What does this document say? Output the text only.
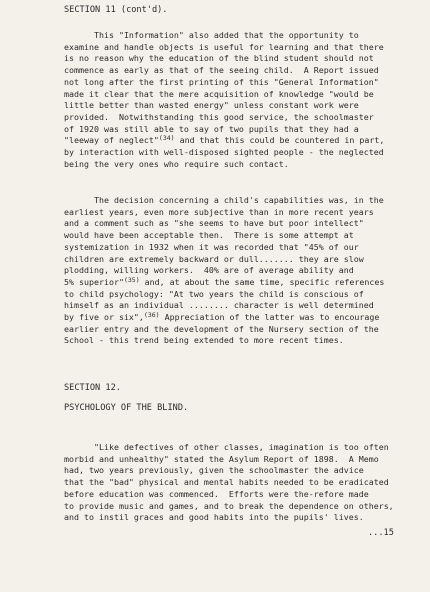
SECTION 11 (cont'd).
This "Information" also added that the opportunity to
examine and handle objects is useful for learning and that there
is no reason why the education of the blind student should not
commence as early as that of the seeing child.  A Report issued
not long after the first printing of this "General Information"
made it clear that the mere acquisition of knowledge "would be
little better than wasted energy" unless constant work were
provided.  Notwithstanding this good service, the schoolmaster
of 1920 was still able to say of two pupils that they had a
"leeway of neglect"$^{(34)}$ and that this could be countered in part,
by interaction with well-disposed sighted people - the neglected
being the very ones who require such contact.
The decision concerning a child's capabilities was, in the
earliest years, even more subjective than in more recent years
and a comment such as "she seems to have but poor intellect"
would have been acceptable then.  There is some attempt at
systemization in 1932 when it was recorded that "45% of our
children are extremely backward or dull....... they are slow
plodding, willing workers.  40% are of average ability and
5% superior"$^{(35)}$ and, at about the same time, specific references
to child psychology: "At two years the child is conscious of
himself as an individual ........ character is well determined
by five or six",$^{(36)}$ Appreciation of the latter was to encourage
earlier entry and the development of the Nursery section of the
School - this trend being extended to more recent times.
SECTION 12.
PSYCHOLOGY OF THE BLIND.
"Like defectives of other classes, imagination is too often
morbid and unhealthy" stated the Asylum Report of 1898.  A Memo
had, two years previously, given the schoolmaster the advice
that the "bad" physical and mental habits needed to be eradicated
before education was commenced.  Efforts were the-refore made
to provide music and games, and to break the dependence on others,
and to instil graces and good habits into the pupils' lives.
...15
